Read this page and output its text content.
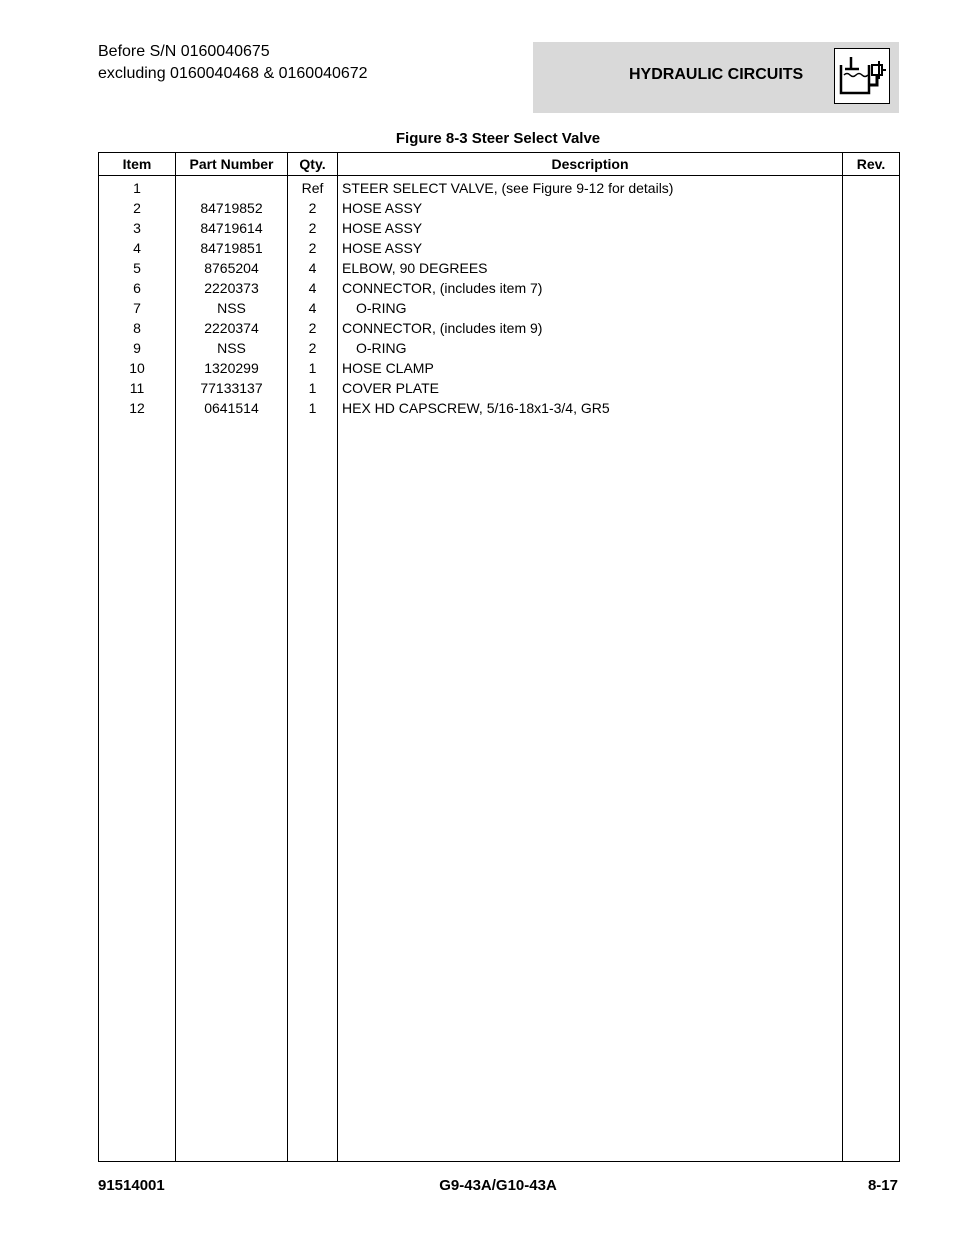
Before S/N 0160040675
excluding 0160040468 & 0160040672	HYDRAULIC CIRCUITS
Figure 8-3 Steer Select Valve
Item	Part Number	Qty.	Description	Rev.
1		Ref	STEER SELECT VALVE, (see Figure 9-12 for details)	
2	84719852	2	HOSE ASSY	
3	84719614	2	HOSE ASSY	
4	84719851	2	HOSE ASSY	
5	8765204	4	ELBOW, 90 DEGREES	
6	2220373	4	CONNECTOR, (includes item 7)	
7	NSS	4	O-RING	
8	2220374	2	CONNECTOR, (includes item 9)	
9	NSS	2	O-RING	
10	1320299	1	HOSE CLAMP	
11	77133137	1	COVER PLATE	
12	0641514	1	HEX HD CAPSCREW, 5/16-18x1-3/4, GR5	

91514001	G9-43A/G10-43A	8-17
